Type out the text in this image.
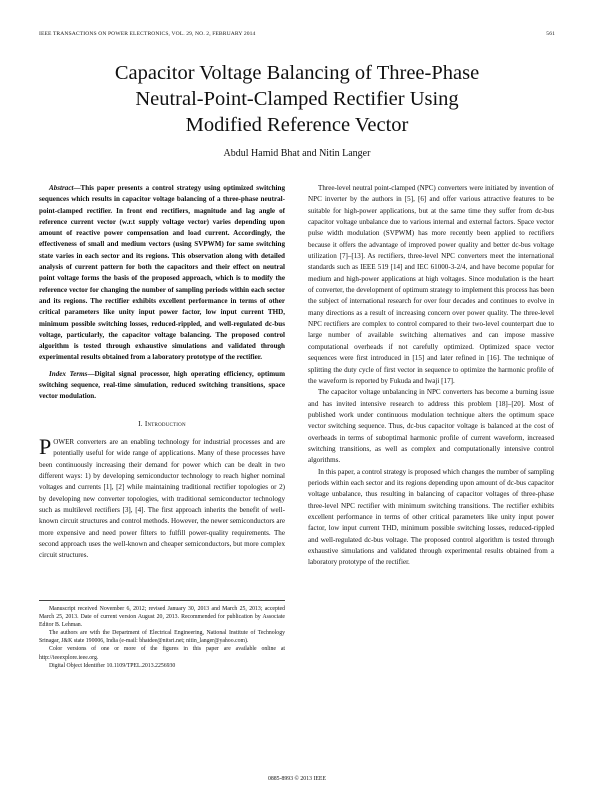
IEEE TRANSACTIONS ON POWER ELECTRONICS, VOL. 29, NO. 2, FEBRUARY 2014	561
Capacitor Voltage Balancing of Three-Phase
Neutral-Point-Clamped Rectifier Using
Modified Reference Vector
Abdul Hamid Bhat and Nitin Langer

Abstract—This paper presents a control strategy using optimized switching sequences which results in capacitor voltage balancing of a three-phase neutral-point-clamped rectifier. In front end rectifiers, magnitude and lag angle of reference current vector (w.r.t supply voltage vector) varies depending upon amount of reactive power compensation and load current. Accordingly, the effectiveness of small and medium vectors (using SVPWM) for same switching state varies in each sector and its regions. This observation along with detailed analysis of current pattern for both the capacitors and their effect on neutral point voltage forms the basis of the proposed approach, which is to modify the reference vector for changing the number of sampling periods within each sector and its regions. The rectifier exhibits excellent performance in terms of other critical parameters like unity input power factor, low input current THD, minimum possible switching losses, reduced-rippled, and well-regulated dc-bus voltage, particularly, the capacitor voltage balancing. The proposed control algorithm is tested through exhaustive simulations and validated through experimental results obtained from a laboratory prototype of the rectifier.

Index Terms—Digital signal processor, high operating efficiency, optimum switching sequence, real-time simulation, reduced switching transitions, space vector modulation.

I. Introduction

POWER converters are an enabling technology for industrial processes and are potentially useful for wide range of applications. Many of these processes have been continuously increasing their demand for power which can be dealt in two different ways: 1) by developing semiconductor technology to reach higher nominal voltages and currents [1], [2] while maintaining traditional rectifier topologies or 2) by developing new converter topologies, with traditional semiconductor technology such as multilevel rectifiers [3], [4]. The first approach inherits the benefit of well-known circuit structures and control methods. However, the newer semiconductors are more expensive and need power filters to fulfill power-quality requirements. The second approach uses the well-known and cheaper semiconductors, but more complex circuit structures.

Manuscript received November 6, 2012; revised January 30, 2013 and March 25, 2013; accepted March 25, 2013. Date of current version August 20, 2013. Recommended for publication by Associate Editor B. Lehman.

The authors are with the Department of Electrical Engineering, National Institute of Technology Srinagar, J&K state 190006, India (e-mail: bhatdee@nitsri.net; nitin_langer@yahoo.com).

Color versions of one or more of the figures in this paper are available online at http://ieeexplore.ieee.org.

Digital Object Identifier 10.1109/TPEL.2013.2256930

Three-level neutral point-clamped (NPC) converters were initiated by invention of NPC inverter by the authors in [5], [6] and offer various attractive features to be suitable for high-power applications, but at the same time they suffer from dc-bus capacitor voltage unbalance due to various internal and external factors. Space vector pulse width modulation (SVPWM) has more recently been applied to rectifiers because it offers the advantage of improved power quality and better dc-bus voltage utilization [7]–[13]. As rectifiers, three-level NPC converters meet the international standards such as IEEE 519 [14] and IEC 61000-3-2/4, and have become popular for medium and high-power applications at high voltages. Since modulation is the heart of converter, the development of optimum strategy to implement this process has been the subject of international research for over four decades and continues to evolve in many directions as a result of increasing concern over power quality. The three-level NPC rectifiers are complex to control compared to their two-level counterpart due to large number of available switching alternatives and can impose massive computational overheads if not carefully optimized. Optimized space vector sequences were first introduced in [15] and later refined in [16]. The technique of splitting the duty cycle of first vector in sequence to optimize the harmonic profile of the waveform is reported by Fukuda and Iwaji [17].

The capacitor voltage unbalancing in NPC converters has become a burning issue and has invited intensive research to address this problem [18]–[20]. Most of published work under continuous modulation technique alters the optimum space vector switching sequence. Thus, dc-bus capacitor voltage is balanced at the cost of overheads in terms of suboptimal harmonic profile of current waveform, increased switching transitions, as well as complex and computationally intensive control algorithms.

In this paper, a control strategy is proposed which changes the number of sampling periods within each sector and its regions depending upon amount of dc-bus capacitor voltage unbalance, thus resulting in balancing of capacitor voltages of three-phase three-level NPC rectifier with minimum switching transitions. The rectifier exhibits excellent performance in terms of other critical parameters like unity input power factor, low input current THD, minimum possible switching losses, reduced-rippled and well-regulated dc-bus voltage. The proposed control algorithm is tested through exhaustive simulations and validated through experimental results obtained from a laboratory prototype of the rectifier.

0885-8993 © 2013 IEEE
